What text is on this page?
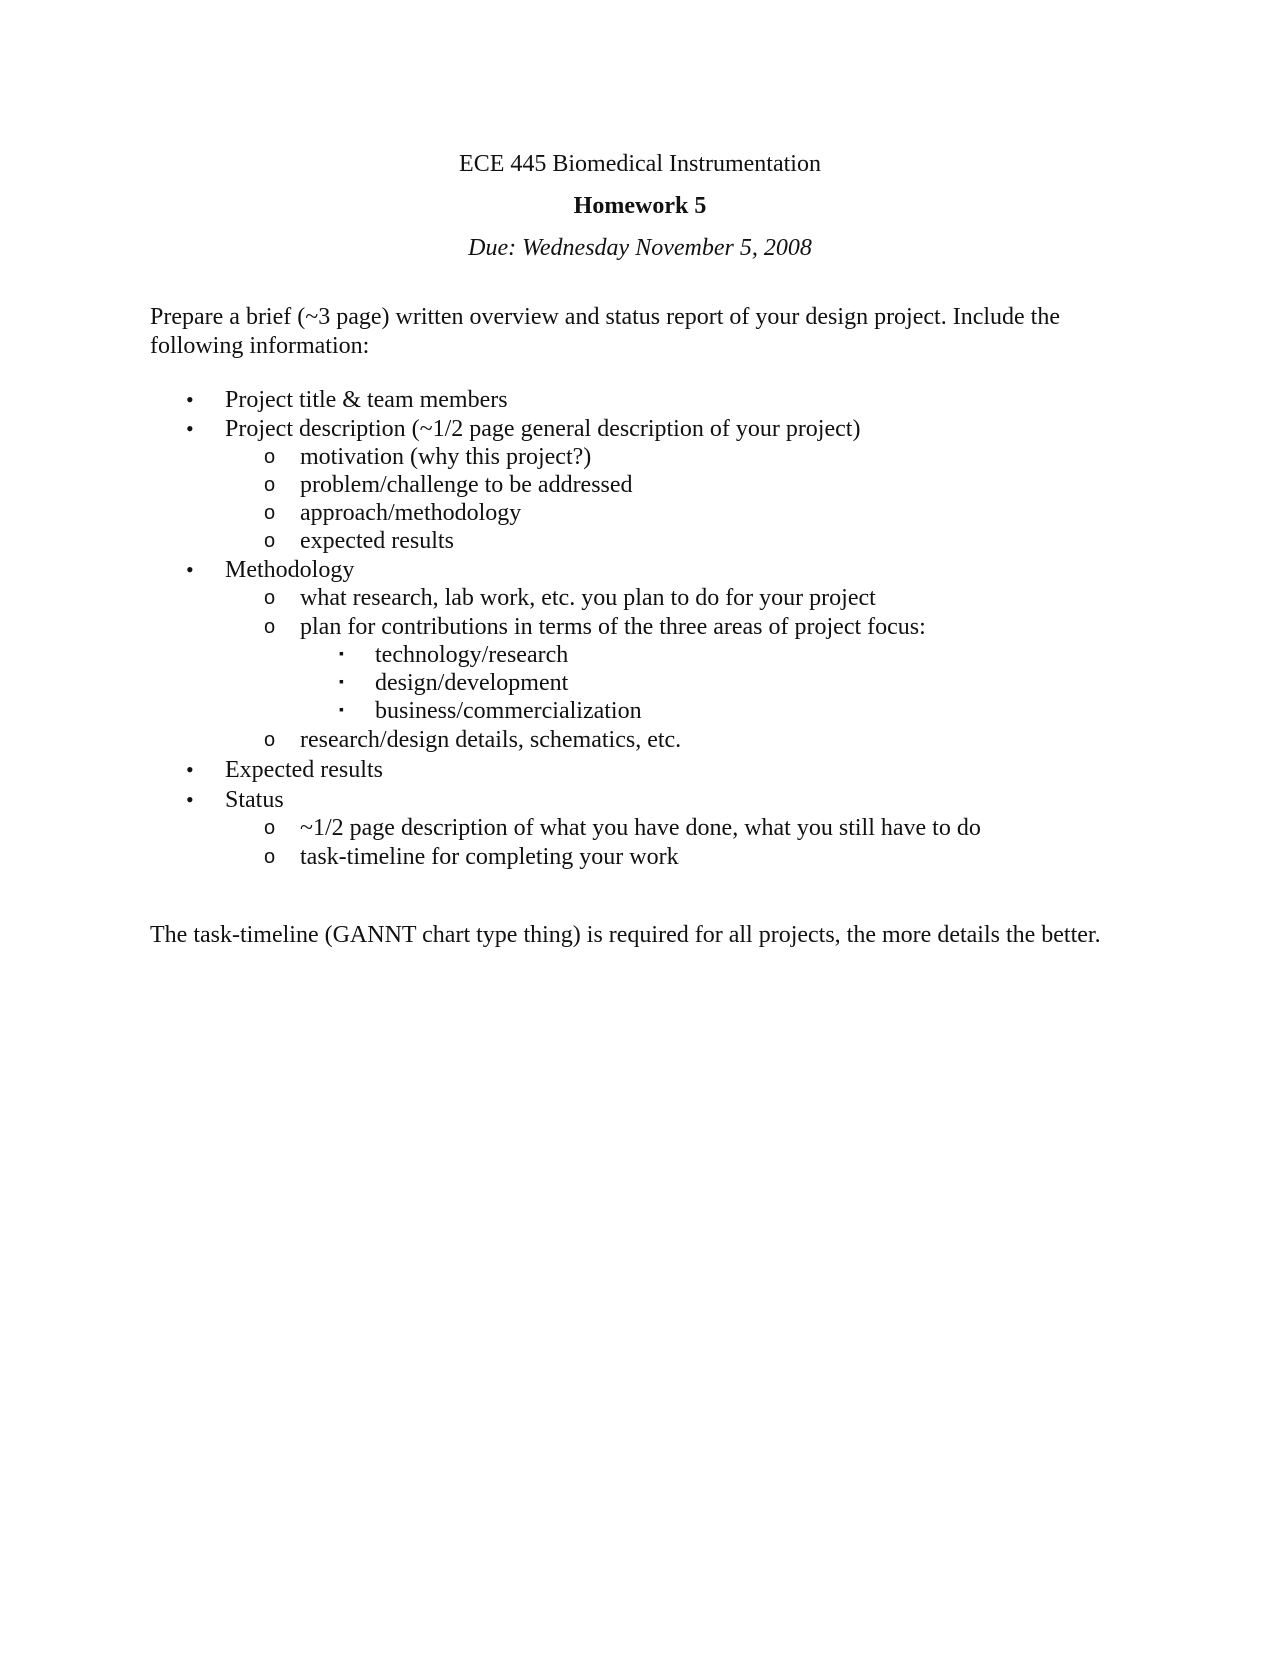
ECE 445 Biomedical Instrumentation
Homework 5
Due: Wednesday November 5, 2008
Prepare a brief (~3 page) written overview and status report of your design project. Include the following information:
• Project title & team members
• Project description (~1/2 page general description of your project)
o motivation (why this project?)
o problem/challenge to be addressed
o approach/methodology
o expected results
• Methodology
o what research, lab work, etc. you plan to do for your project
o plan for contributions in terms of the three areas of project focus:
▪ technology/research
▪ design/development
▪ business/commercialization
o research/design details, schematics, etc.
• Expected results
• Status
o ~1/2 page description of what you have done, what you still have to do
o task-timeline for completing your work
The task-timeline (GANNT chart type thing) is required for all projects, the more details the better.
